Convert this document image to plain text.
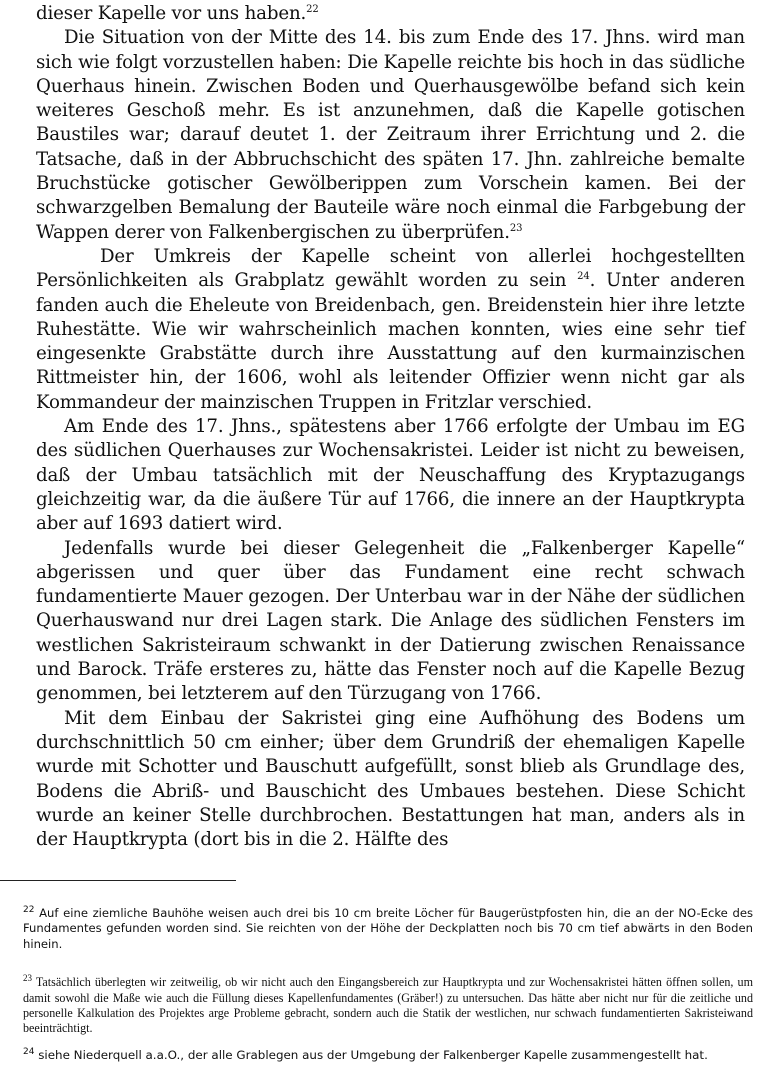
dieser Kapelle vor uns haben.$^{22}$

Die Situation von der Mitte des 14. bis zum Ende des 17. Jhns. wird man sich wie folgt vorzustellen haben: Die Kapelle reichte bis hoch in das südliche Querhaus hinein. Zwischen Boden und Querhausgewölbe befand sich kein weiteres Geschoß mehr. Es ist anzunehmen, daß die Kapelle gotischen Baustiles war; darauf deutet 1. der Zeitraum ihrer Errichtung und 2. die Tatsache, daß in der Abbruchschicht des späten 17. Jhn. zahlreiche bemalte Bruchstücke gotischer Gewölberippen zum Vorschein kamen. Bei der schwarzgelben Bemalung der Bauteile wäre noch einmal die Farbgebung der Wappen derer von Falkenbergischen zu überprüfen.$^{23}$

Der Umkreis der Kapelle scheint von allerlei hochgestellten Persönlichkeiten als Grabplatz gewählt worden zu sein $^{24}$. Unter anderen fanden auch die Eheleute von Breidenbach, gen. Breidenstein hier ihre letzte Ruhestätte. Wie wir wahrscheinlich machen konnten, wies eine sehr tief eingesenkte Grabstätte durch ihre Ausstattung auf den kurmainzischen Rittmeister hin, der 1606, wohl als leitender Offizier wenn nicht gar als Kommandeur der mainzischen Truppen in Fritzlar verschied.

Am Ende des 17. Jhns., spätestens aber 1766 erfolgte der Umbau im EG des südlichen Querhauses zur Wochensakristei. Leider ist nicht zu beweisen, daß der Umbau tatsächlich mit der Neuschaffung des Kryptazugangs gleichzeitig war, da die äußere Tür auf 1766, die innere an der Hauptkrypta aber auf 1693 datiert wird.

Jedenfalls wurde bei dieser Gelegenheit die „Falkenberger Kapelle“ abgerissen und quer über das Fundament eine recht schwach fundamentierte Mauer gezogen. Der Unterbau war in der Nähe der südlichen Querhauswand nur drei Lagen stark. Die Anlage des südlichen Fensters im westlichen Sakristeiraum schwankt in der Datierung zwischen Renaissance und Barock. Träfe ersteres zu, hätte das Fenster noch auf die Kapelle Bezug genommen, bei letzterem auf den Türzugang von 1766.

Mit dem Einbau der Sakristei ging eine Aufhöhung des Bodens um durchschnittlich 50 cm einher; über dem Grundriß der ehemaligen Kapelle wurde mit Schotter und Bauschutt aufgefüllt, sonst blieb als Grundlage des, Bodens die Abriß- und Bauschicht des Umbaues bestehen. Diese Schicht wurde an keiner Stelle durchbrochen. Bestattungen hat man, anders als in der Hauptkrypta (dort bis in die 2. Hälfte des

$^{22}$ Auf eine ziemliche Bauhöhe weisen auch drei bis 10 cm breite Löcher für Baugerüstpfosten hin, die an der NO-Ecke des Fundamentes gefunden worden sind. Sie reichten von der Höhe der Deckplatten noch bis 70 cm tief abwärts in den Boden hinein.

$^{23}$ Tatsächlich überlegten wir zeitweilig, ob wir nicht auch den Eingangsbereich zur Hauptkrypta und zur Wochensakristei hätten öffnen sollen, um damit sowohl die Maße wie auch die Füllung dieses Kapellenfundamentes (Gräber!) zu untersuchen. Das hätte aber nicht nur für die zeitliche und personelle Kalkulation des Projektes arge Probleme gebracht, sondern auch die Statik der westlichen, nur schwach fundamentierten Sakristeiwand beeinträchtigt.

$^{24}$ siehe Niederquell a.a.O., der alle Grablegen aus der Umgebung der Falkenberger Kapelle zusammengestellt hat.
